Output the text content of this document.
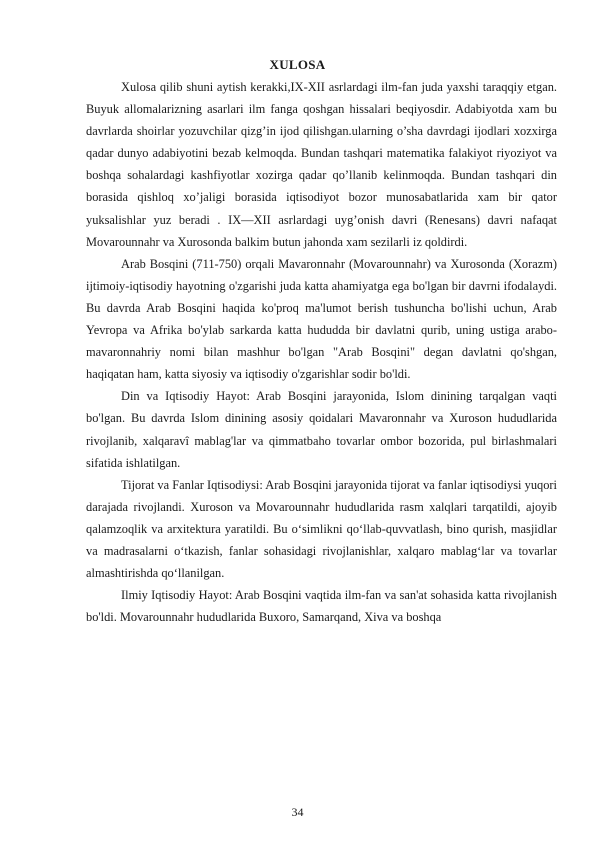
XULOSA

Xulosa qilib shuni aytish kerakki,IX-XII asrlardagi ilm-fan juda yaxshi taraqqiy etgan. Buyuk allomalarizning asarlari ilm fanga qoshgan hissalari beqiyosdir. Adabiyotda xam bu davrlarda shoirlar yozuvchilar qizg’in ijod qilishgan.ularning o’sha davrdagi ijodlari xozxirga qadar dunyo adabiyotini bezab kelmoqda. Bundan tashqari matematika falakiyot riyoziyot va boshqa sohalardagi kashfiyotlar xozirga qadar qo’llanib kelinmoqda. Bundan tashqari din borasida qishloq xo’jaligi borasida iqtisodiyot bozor munosabatlarida xam bir qator yuksalishlar yuz beradi . IX—XII asrlardagi uyg’onish davri (Renesans) davri nafaqat Movarounnahr va Xurosonda balkim butun jahonda xam sezilarli iz qoldirdi.

Arab Bosqini (711-750) orqali Mavaronnahr (Movarounnahr) va Xurosonda (Xorazm) ijtimoiy-iqtisodiy hayotning o'zgarishi juda katta ahamiyatga ega bo'lgan bir davrni ifodalaydi. Bu davrda Arab Bosqini haqida ko'proq ma'lumot berish tushuncha bo'lishi uchun, Arab Yevropa va Afrika bo'ylab sarkarda katta hududda bir davlatni qurib, uning ustiga arabo-mavaronnahriy nomi bilan mashhur bo'lgan "Arab Bosqini" degan davlatni qo'shgan, haqiqatan ham, katta siyosiy va iqtisodiy o'zgarishlar sodir bo'ldi.

Din va Iqtisodiy Hayot: Arab Bosqini jarayonida, Islom dinining tarqalgan vaqti bo'lgan. Bu davrda Islom dinining asosiy qoidalari Mavaronnahr va Xuroson hududlarida rivojlanib, xalqaravî mablag'lar va qimmatbaho tovarlar ombor bozorida, pul birlashmalari sifatida ishlatilgan.

Tijorat va Fanlar Iqtisodiysi: Arab Bosqini jarayonida tijorat va fanlar iqtisodiysi yuqori darajada rivojlandi. Xuroson va Movarounnahr hududlarida rasm xalqlari tarqatildi, ajoyib qalamzoqlik va arxitektura yaratildi. Bu o‘simlikni qo‘llab-quvvatlash, bino qurish, masjidlar va madrasalarni o‘tkazish, fanlar sohasidagi rivojlanishlar, xalqaro mablag‘lar va tovarlar almashtirishda qo‘llanilgan.

Ilmiy Iqtisodiy Hayot: Arab Bosqini vaqtida ilm-fan va san'at sohasida katta rivojlanish bo'ldi. Movarounnahr hududlarida Buxoro, Samarqand, Xiva va boshqa

34
